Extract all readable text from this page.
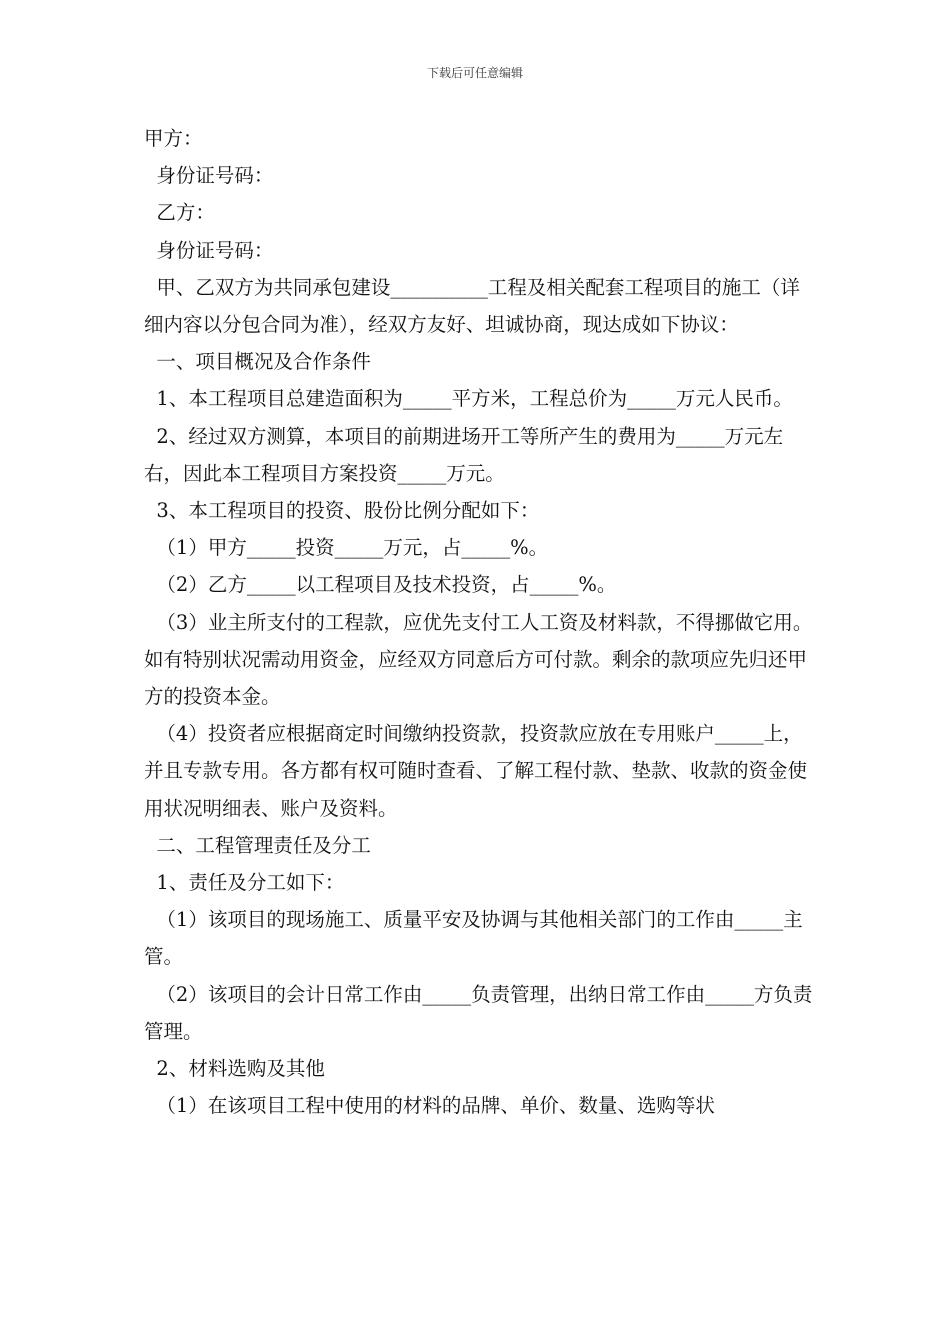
下载后可任意编辑

甲方：

身份证号码：

乙方：

身份证号码：

甲、乙双方为共同承包建设__________工程及相关配套工程项目的施工（详细内容以分包合同为准），经双方友好、坦诚协商，现达成如下协议：

一、项目概况及合作条件

1、本工程项目总建造面积为_____平方米，工程总价为_____万元人民币。

2、经过双方测算，本项目的前期进场开工等所产生的费用为_____万元左右，因此本工程项目方案投资_____万元。

3、本工程项目的投资、股份比例分配如下：

（1）甲方_____投资_____万元，占_____%。

（2）乙方_____以工程项目及技术投资，占_____%。

（3）业主所支付的工程款，应优先支付工人工资及材料款，不得挪做它用。如有特别状况需动用资金，应经双方同意后方可付款。剩余的款项应先归还甲方的投资本金。

（4）投资者应根据商定时间缴纳投资款，投资款应放在专用账户_____上，并且专款专用。各方都有权可随时查看、了解工程付款、垫款、收款的资金使用状况明细表、账户及资料。

二、工程管理责任及分工

1、责任及分工如下：

（1）该项目的现场施工、质量平安及协调与其他相关部门的工作由_____主管。

（2）该项目的会计日常工作由_____负责管理，出纳日常工作由_____方负责管理。

2、材料选购及其他

（1）在该项目工程中使用的材料的品牌、单价、数量、选购等状
